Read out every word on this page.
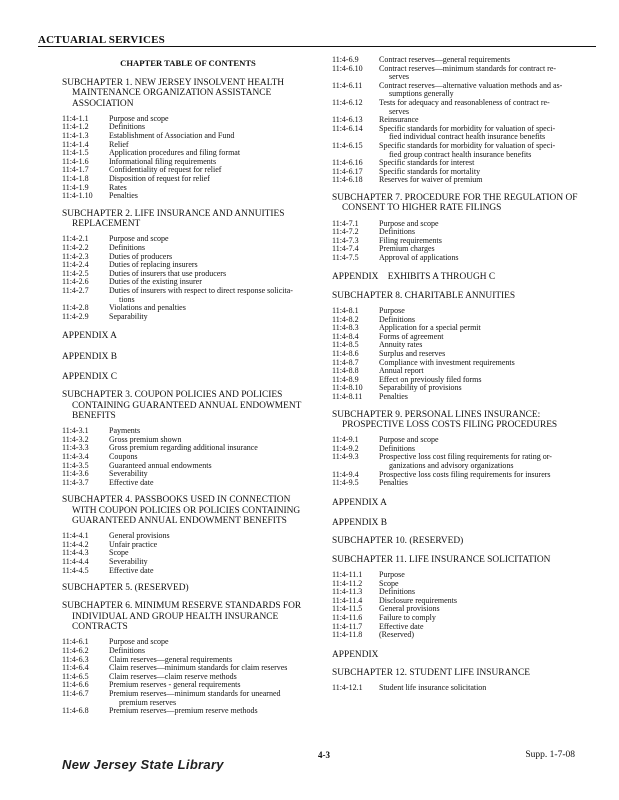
ACTUARIAL SERVICES
CHAPTER TABLE OF CONTENTS
SUBCHAPTER 1. NEW JERSEY INSOLVENT HEALTH MAINTENANCE ORGANIZATION ASSISTANCE ASSOCIATION
11:4-1.1	Purpose and scope
11:4-1.2	Definitions
11:4-1.3	Establishment of Association and Fund
11:4-1.4	Relief
11:4-1.5	Application procedures and filing format
11:4-1.6	Informational filing requirements
11:4-1.7	Confidentiality of request for relief
11:4-1.8	Disposition of request for relief
11:4-1.9	Rates
11:4-1.10	Penalties
SUBCHAPTER 2. LIFE INSURANCE AND ANNUITIES REPLACEMENT
11:4-2.1	Purpose and scope
11:4-2.2	Definitions
11:4-2.3	Duties of producers
11:4-2.4	Duties of replacing insurers
11:4-2.5	Duties of insurers that use producers
11:4-2.6	Duties of the existing insurer
11:4-2.7	Duties of insurers with respect to direct response solicita-
tions
11:4-2.8	Violations and penalties
11:4-2.9	Separability
APPENDIX A
APPENDIX B
APPENDIX C
SUBCHAPTER 3. COUPON POLICIES AND POLICIES CONTAINING GUARANTEED ANNUAL ENDOWMENT BENEFITS
11:4-3.1	Payments
11:4-3.2	Gross premium shown
11:4-3.3	Gross premium regarding additional insurance
11:4-3.4	Coupons
11:4-3.5	Guaranteed annual endowments
11:4-3.6	Severability
11:4-3.7	Effective date
SUBCHAPTER 4. PASSBOOKS USED IN CONNECTION WITH COUPON POLICIES OR POLICIES CONTAINING GUARANTEED ANNUAL ENDOWMENT BENEFITS
11:4-4.1	General provisions
11:4-4.2	Unfair practice
11:4-4.3	Scope
11:4-4.4	Severability
11:4-4.5	Effective date
SUBCHAPTER 5. (RESERVED)
SUBCHAPTER 6. MINIMUM RESERVE STANDARDS FOR INDIVIDUAL AND GROUP HEALTH INSURANCE CONTRACTS
11:4-6.1	Purpose and scope
11:4-6.2	Definitions
11:4-6.3	Claim reserves—general requirements
11:4-6.4	Claim reserves—minimum standards for claim reserves
11:4-6.5	Claim reserves—claim reserve methods
11:4-6.6	Premium reserves - general requirements
11:4-6.7	Premium reserves—minimum standards for unearned
premium reserves
11:4-6.8	Premium reserves—premium reserve methods
11:4-6.9	Contract reserves—general requirements
11:4-6.10	Contract reserves—minimum standards for contract re-
serves
11:4-6.11	Contract reserves—alternative valuation methods and as-
sumptions generally
11:4-6.12	Tests for adequacy and reasonableness of contract re-
serves
11:4-6.13	Reinsurance
11:4-6.14	Specific standards for morbidity for valuation of speci-
fied individual contract health insurance benefits
11:4-6.15	Specific standards for morbidity for valuation of speci-
fied group contract health insurance benefits
11:4-6.16	Specific standards for interest
11:4-6.17	Specific standards for mortality
11:4-6.18	Reserves for waiver of premium
SUBCHAPTER 7. PROCEDURE FOR THE REGULATION OF CONSENT TO HIGHER RATE FILINGS
11:4-7.1	Purpose and scope
11:4-7.2	Definitions
11:4-7.3	Filing requirements
11:4-7.4	Premium charges
11:4-7.5	Approval of applications
APPENDIX    EXHIBITS A THROUGH C
SUBCHAPTER 8. CHARITABLE ANNUITIES
11:4-8.1	Purpose
11:4-8.2	Definitions
11:4-8.3	Application for a special permit
11:4-8.4	Forms of agreement
11:4-8.5	Annuity rates
11:4-8.6	Surplus and reserves
11:4-8.7	Compliance with investment requirements
11:4-8.8	Annual report
11:4-8.9	Effect on previously filed forms
11:4-8.10	Separability of provisions
11:4-8.11	Penalties
SUBCHAPTER 9. PERSONAL LINES INSURANCE: PROSPECTIVE LOSS COSTS FILING PROCEDURES
11:4-9.1	Purpose and scope
11:4-9.2	Definitions
11:4-9.3	Prospective loss cost filing requirements for rating or-
ganizations and advisory organizations
11:4-9.4	Prospective loss costs filing requirements for insurers
11:4-9.5	Penalties
APPENDIX A
APPENDIX B
SUBCHAPTER 10. (RESERVED)
SUBCHAPTER 11. LIFE INSURANCE SOLICITATION
11:4-11.1	Purpose
11:4-11.2	Scope
11:4-11.3	Definitions
11:4-11.4	Disclosure requirements
11:4-11.5	General provisions
11:4-11.6	Failure to comply
11:4-11.7	Effective date
11:4-11.8	(Reserved)
APPENDIX
SUBCHAPTER 12. STUDENT LIFE INSURANCE
11:4-12.1	Student life insurance solicitation
New Jersey State Library
4-3	Supp. 1-7-08
